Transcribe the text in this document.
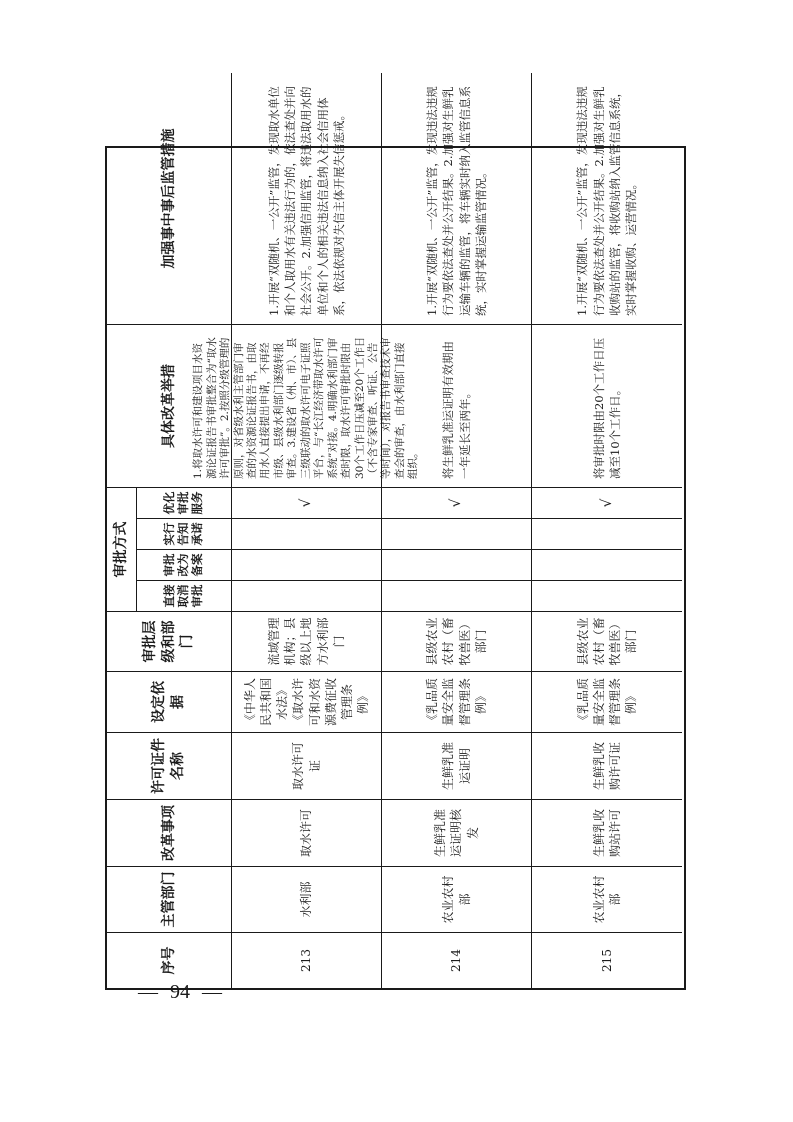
序号
主管部门
改革事项
许可证件名称
设定依据
审批层级和部门
审批方式
直接取消审批
审批改为备案
实行告知承诺
优化审批服务
具体改革举措
加强事中事后监管措施
213
水利部
取水许可
取水许可证
《中华人民共和国水法》《取水许可和水资源费征收管理条例》
流域管理机构；县级以上地方水利部门
√
1.将取水许可和建设项目水资源论证报告书审批整合为“取水许可审批”。2.按照分级管理的原则，对省级水利主管部门审查的水资源论证报告书，由取用水人直接提出申请，不再经市级、县级水利部门逐级转报审查。3.建设省（州、市）、县三级联动的取水许可电子证照平台，与“长江经济带取水许可系统”对接。4.明确水利部门审查时限，取水许可审批时限由30个工作日压减至20个工作日（不含专家审查、听证、公告等时间），对报告书审查技术审查会的审查，由水利部门直接组织。
1.开展“双随机、一公开”监管，发现取水单位和个人取用水有关违法行为的，依法查处并向社会公开。2.加强信用监管，将违法取用水的单位和个人的相关违法信息纳入社会信用体系，依法依规对失信主体开展失信惩戒。
214
农业农村部
生鲜乳准运证明核发
生鲜乳准运证明
《乳品质量安全监督管理条例》
县级农业农村（畜牧兽医）部门
√
将生鲜乳准运证明有效期由一年延长至两年。
1.开展“双随机、一公开”监管，发现违法违规行为要依法查处并公开结果。2.加强对生鲜乳运输车辆的监管，将车辆实时纳入监管信息系统，实时掌握运输监管情况。
215
农业农村部
生鲜乳收购站许可
生鲜乳收购许可证
《乳品质量安全监督管理条例》
县级农业农村（畜牧兽医）部门
√
将审批时限由20个工作日压减至10个工作日。
1.开展“双随机、一公开”监管，发现违法违规行为要依法查处并公开结果。2.加强对生鲜乳收购站的监管，将收购站纳入监管信息系统，实时掌握收购、运营情况。
— 94 —
